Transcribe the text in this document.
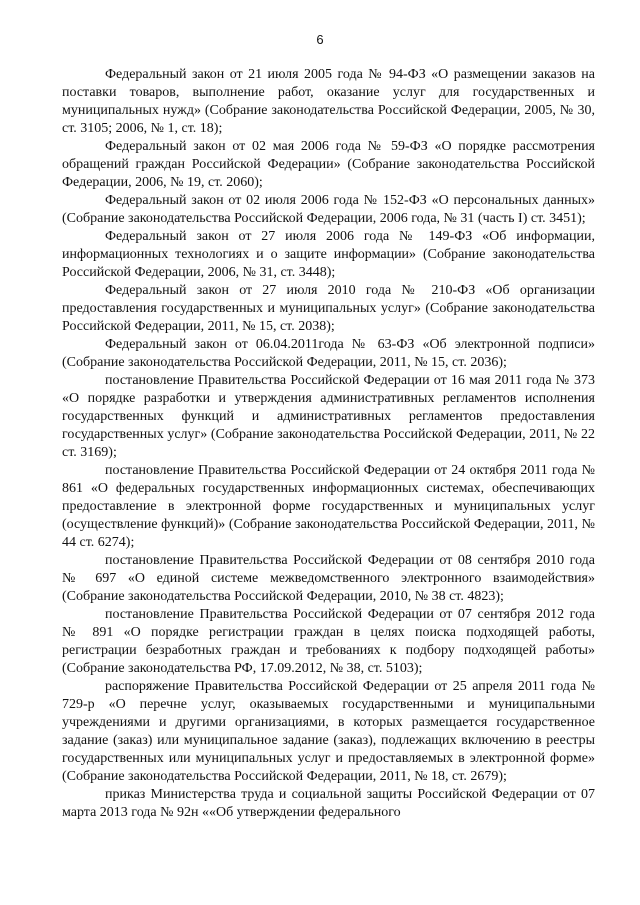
6

Федеральный закон от 21 июля 2005 года № 94-ФЗ «О размещении заказов на поставки товаров, выполнение работ, оказание услуг для государственных и муниципальных нужд» (Собрание законодательства Российской Федерации, 2005, № 30, ст. 3105; 2006, № 1, ст. 18);

Федеральный закон от 02 мая 2006 года № 59-ФЗ «О порядке рассмотрения обращений граждан Российской Федерации» (Собрание законодательства Российской Федерации, 2006, № 19, ст. 2060);

Федеральный закон от 02 июля 2006 года № 152-ФЗ «О персональных данных» (Собрание законодательства Российской Федерации, 2006 года, № 31 (часть I) ст. 3451);

Федеральный закон от 27 июля 2006 года № 149-ФЗ «Об информации, информационных технологиях и о защите информации» (Собрание законодательства Российской Федерации, 2006, № 31, ст. 3448);

Федеральный закон от 27 июля 2010 года № 210-ФЗ «Об организации предоставления государственных и муниципальных услуг» (Собрание законодательства Российской Федерации, 2011, № 15, ст. 2038);

Федеральный закон от 06.04.2011года № 63-ФЗ «Об электронной подписи» (Собрание законодательства Российской Федерации, 2011, № 15, ст. 2036);

постановление Правительства Российской Федерации от 16 мая 2011 года № 373 «О порядке разработки и утверждения административных регламентов исполнения государственных функций и административных регламентов предоставления государственных услуг» (Собрание законодательства Российской Федерации, 2011, № 22 ст. 3169);

постановление Правительства Российской Федерации от 24 октября 2011 года № 861 «О федеральных государственных информационных системах, обеспечивающих предоставление в электронной форме государственных и муниципальных услуг (осуществление функций)» (Собрание законодательства Российской Федерации, 2011, № 44 ст. 6274);

постановление Правительства Российской Федерации от 08 сентября 2010 года № 697 «О единой системе межведомственного электронного взаимодействия» (Собрание законодательства Российской Федерации, 2010, № 38 ст. 4823);

постановление Правительства Российской Федерации от 07 сентября 2012 года № 891 «О порядке регистрации граждан в целях поиска подходящей работы, регистрации безработных граждан и требованиях к подбору подходящей работы» (Собрание законодательства РФ, 17.09.2012, № 38, ст. 5103);

распоряжение Правительства Российской Федерации от 25 апреля 2011 года № 729-р «О перечне услуг, оказываемых государственными и муниципальными учреждениями и другими организациями, в которых размещается государственное задание (заказ) или муниципальное задание (заказ), подлежащих включению в реестры государственных или муниципальных услуг и предоставляемых в электронной форме» (Собрание законодательства Российской Федерации, 2011, № 18, ст. 2679);

приказ Министерства труда и социальной защиты Российской Федерации от 07 марта 2013 года № 92н ««Об утверждении федерального
